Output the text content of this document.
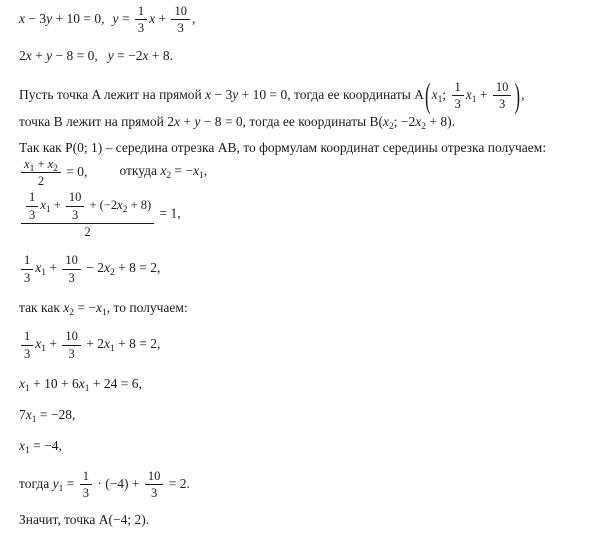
x − 3y + 10 = 0, $y = \frac{1}{3}$ $x + \frac{10}{3}$ ,
2x + y − 8 = 0, y = −2x + 8.
Пусть точка A лежит на прямой x − 3y + 10 = 0, тогда ее координаты $A(x_1$; $\frac{1}{3} x_1 + \frac{10}{3}$ ),
точка B лежит на прямой 2x + y − 8 = 0, тогда ее координаты $B(x_2$; $-2x_2 + 8$).
Так как P(0; 1) – середина отрезка AB, то формулам координат середины отрезка получаем:
$\frac{x_1 + x_2}{2} = 0$, откуда $x_2 = -x_1$,
$\frac{\frac{1}{3} x_1 + \frac{10}{3} + (-2x_2 + 8)}{2} = 1$,
$\frac{1}{3} x_1 + \frac{10}{3} - 2x_2 + 8 = 2$,
так как $x_2 = -x_1$, то получаем:
$\frac{1}{3} x_1 + \frac{10}{3} + 2x_1 + 8 = 2$,
$x_1 + 10 + 6x_1 + 24 = 6$,
$7x_1 = -28$,
$x_1 = -4$,
тогда $y_1 = \frac{1}{3} \cdot (-4) + \frac{10}{3} = 2$.
Значит, точка A(−4; 2).
